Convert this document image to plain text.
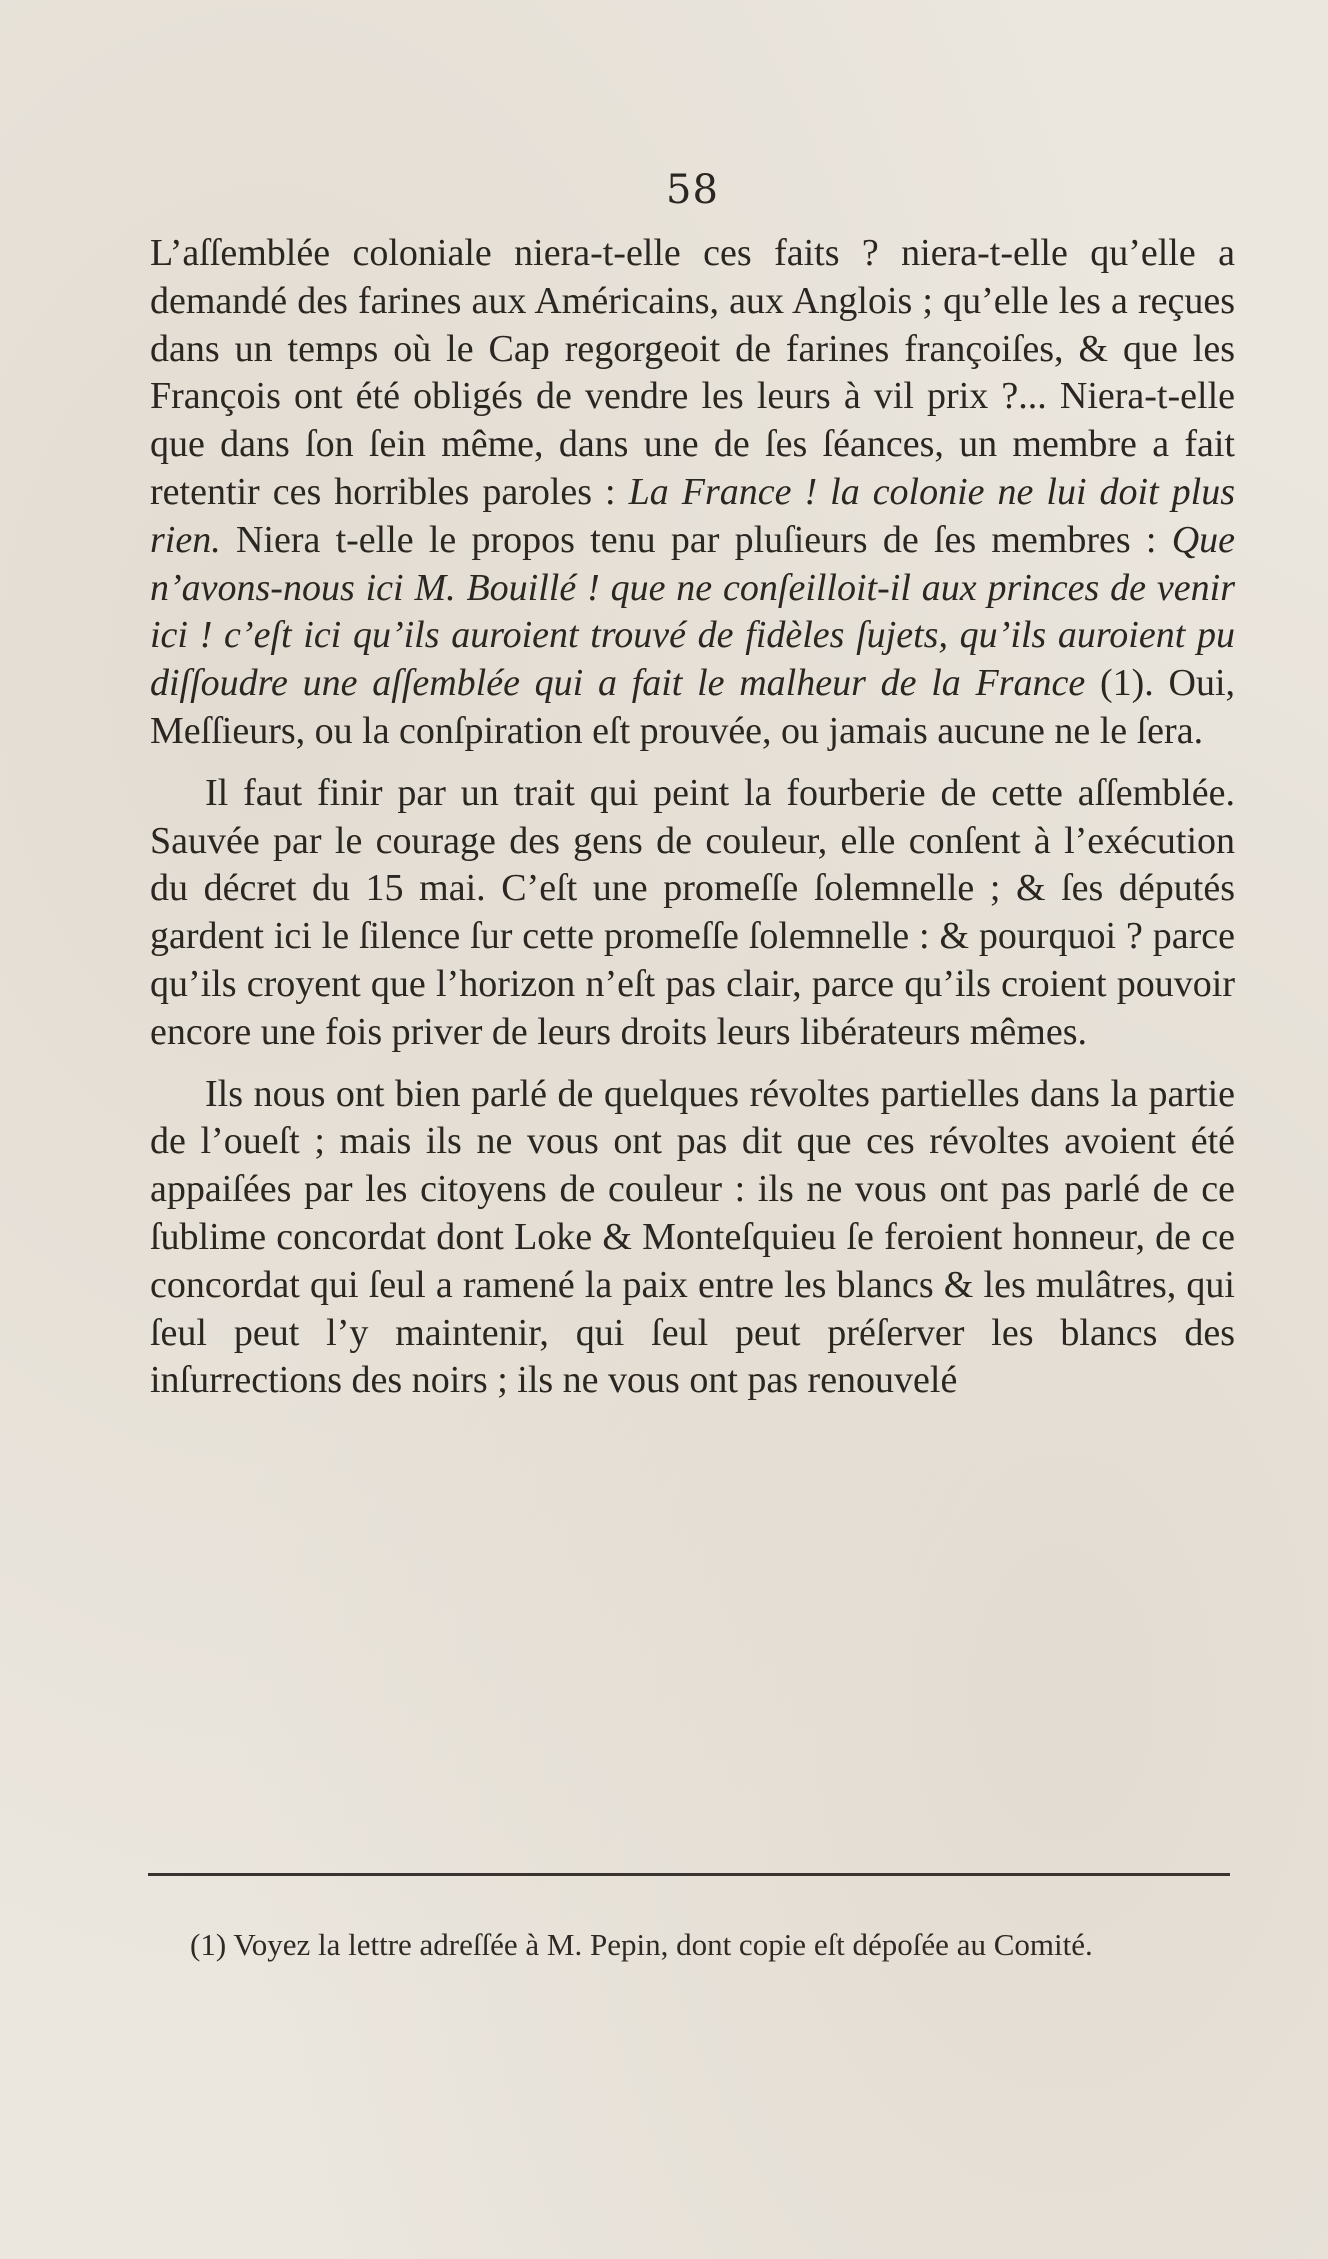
58

L’aſſemblée coloniale niera-t-elle ces faits ? niera-t-elle qu’elle a demandé des farines aux Américains, aux Anglois ; qu’elle les a reçues dans un temps où le Cap regorgeoit de farines françoiſes, & que les François ont été obligés de vendre les leurs à vil prix ?... Niera-t-elle que dans ſon ſein même, dans une de ſes ſéances, un membre a fait retentir ces horribles paroles : La France ! la colonie ne lui doit plus rien. Niera t-elle le propos tenu par pluſieurs de ſes membres : Que n’avons-nous ici M. Bouillé ! que ne conſeilloit-il aux princes de venir ici ! c’eſt ici qu’ils auroient trouvé de fidèles ſujets, qu’ils auroient pu diſſoudre une aſſemblée qui a fait le malheur de la France (1). Oui, Meſſieurs, ou la conſpiration eſt prouvée, ou jamais aucune ne le ſera.

Il faut finir par un trait qui peint la fourberie de cette aſſemblée. Sauvée par le courage des gens de couleur, elle conſent à l’exécution du décret du 15 mai. C’eſt une promeſſe ſolemnelle ; & ſes députés gardent ici le ſilence ſur cette promeſſe ſolemnelle : & pourquoi ? parce qu’ils croyent que l’horizon n’eſt pas clair, parce qu’ils croient pouvoir encore une fois priver de leurs droits leurs libérateurs mêmes.

Ils nous ont bien parlé de quelques révoltes partielles dans la partie de l’oueſt ; mais ils ne vous ont pas dit que ces révoltes avoient été appaiſées par les citoyens de couleur : ils ne vous ont pas parlé de ce ſublime concordat dont Loke & Monteſquieu ſe feroient honneur, de ce concordat qui ſeul a ramené la paix entre les blancs & les mulâtres, qui ſeul peut l’y maintenir, qui ſeul peut préſerver les blancs des inſurrections des noirs ; ils ne vous ont pas renouvelé

(1) Voyez la lettre adreſſée à M. Pepin, dont copie eſt dépoſée au Comité.
